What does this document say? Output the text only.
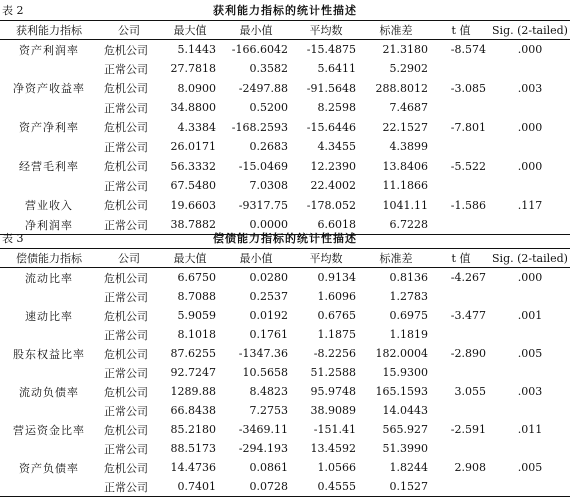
表 2	获利能力指标的统计性描述
获利能力指标	公司	最大值	最小值	平均数	标准差	t 值	Sig. (2-tailed)
资产利润率	危机公司	5.1443	-166.6042	-15.4875	21.3180	-8.574	.000
	正常公司	27.7818	0.3582	5.6411	5.2902		
净资产收益率	危机公司	8.0900	-2497.88	-91.5648	288.8012	-3.085	.003
	正常公司	34.8800	0.5200	8.2598	7.4687		
资产净利率	危机公司	4.3384	-168.2593	-15.6446	22.1527	-7.801	.000
	正常公司	26.0171	0.2683	4.3455	4.3899		
经营毛利率	危机公司	56.3332	-15.0469	12.2390	13.8406	-5.522	.000
	正常公司	67.5480	7.0308	22.4002	11.1866		
营业收入	危机公司	19.6603	-9317.75	-178.052	1041.11	-1.586	.117
净利润率	正常公司	38.7882	0.0000	6.6018	6.7228		
表 3	偿债能力指标的统计性描述
偿债能力指标	公司	最大值	最小值	平均数	标准差	t 值	Sig. (2-tailed)
流动比率	危机公司	6.6750	0.0280	0.9134	0.8136	-4.267	.000
	正常公司	8.7088	0.2537	1.6096	1.2783		
速动比率	危机公司	5.9059	0.0192	0.6765	0.6975	-3.477	.001
	正常公司	8.1018	0.1761	1.1875	1.1819		
股东权益比率	危机公司	87.6255	-1347.36	-8.2256	182.0004	-2.890	.005
	正常公司	92.7247	10.5658	51.2588	15.9300		
流动负债率	危机公司	1289.88	8.4823	95.9748	165.1593	3.055	.003
	正常公司	66.8438	7.2753	38.9089	14.0443		
营运资金比率	危机公司	85.2180	-3469.11	-151.41	565.927	-2.591	.011
	正常公司	88.5173	-294.193	13.4592	51.3990		
资产负债率	危机公司	14.4736	0.0861	1.0566	1.8244	2.908	.005
	正常公司	0.7401	0.0728	0.4555	0.1527		
